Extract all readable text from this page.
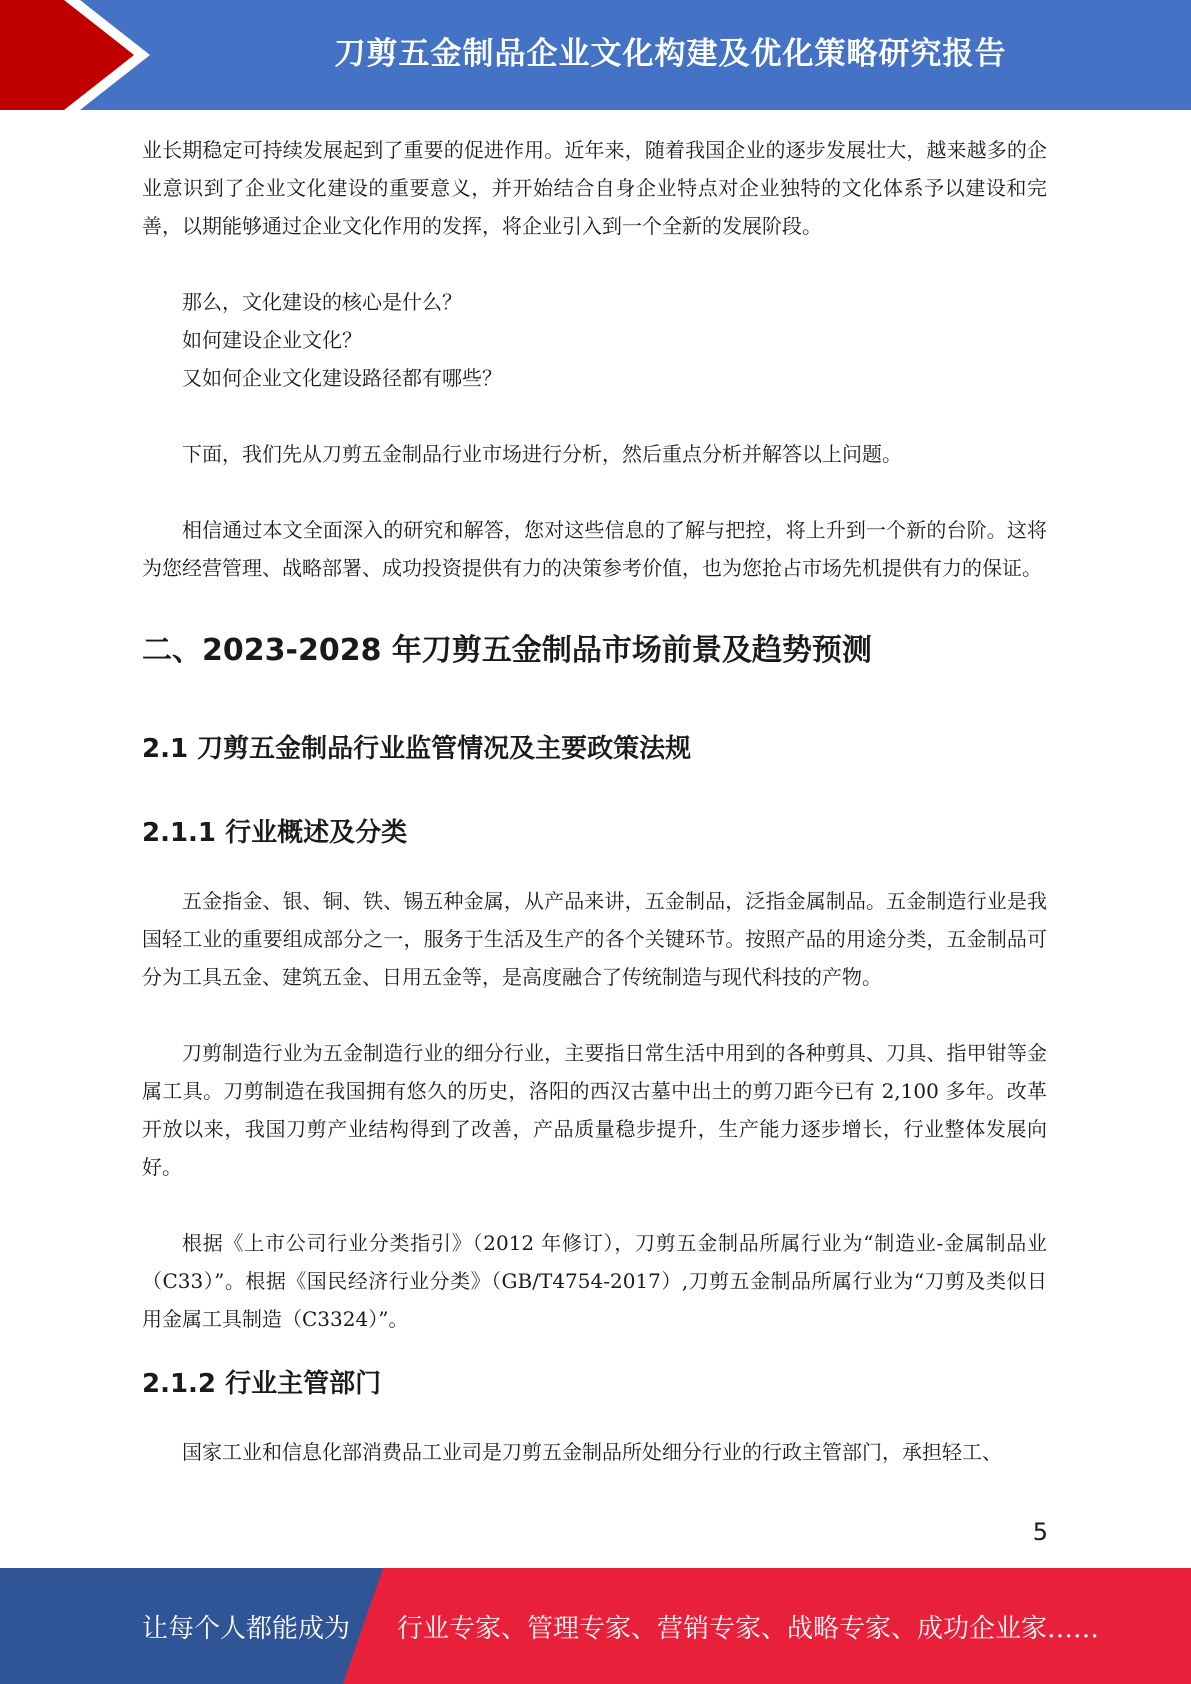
刀剪五金制品企业文化构建及优化策略研究报告

业长期稳定可持续发展起到了重要的促进作用。近年来，随着我国企业的逐步发展壮大，越来越多的企业意识到了企业文化建设的重要意义，并开始结合自身企业特点对企业独特的文化体系予以建设和完善，以期能够通过企业文化作用的发挥，将企业引入到一个全新的发展阶段。

那么，文化建设的核心是什么？

如何建设企业文化？

又如何企业文化建设路径都有哪些？

下面，我们先从刀剪五金制品行业市场进行分析，然后重点分析并解答以上问题。

相信通过本文全面深入的研究和解答，您对这些信息的了解与把控，将上升到一个新的台阶。这将为您经营管理、战略部署、成功投资提供有力的决策参考价值，也为您抢占市场先机提供有力的保证。

二、2023-2028 年刀剪五金制品市场前景及趋势预测
2.1 刀剪五金制品行业监管情况及主要政策法规
2.1.1 行业概述及分类

五金指金、银、铜、铁、锡五种金属，从产品来讲，五金制品，泛指金属制品。五金制造行业是我国轻工业的重要组成部分之一，服务于生活及生产的各个关键环节。按照产品的用途分类，五金制品可分为工具五金、建筑五金、日用五金等，是高度融合了传统制造与现代科技的产物。

刀剪制造行业为五金制造行业的细分行业，主要指日常生活中用到的各种剪具、刀具、指甲钳等金属工具。刀剪制造在我国拥有悠久的历史，洛阳的西汉古墓中出土的剪刀距今已有 2,100 多年。改革开放以来，我国刀剪产业结构得到了改善，产品质量稳步提升，生产能力逐步增长，行业整体发展向好。

根据《上市公司行业分类指引》（2012 年修订），刀剪五金制品所属行业为“制造业-金属制品业（C33）”。根据《国民经济行业分类》（GB/T4754-2017）,刀剪五金制品所属行业为“刀剪及类似日用金属工具制造（C3324）”。

2.1.2 行业主管部门

国家工业和信息化部消费品工业司是刀剪五金制品所处细分行业的行政主管部门，承担轻工、

5
让每个人都能成为 行业专家、管理专家、营销专家、战略专家、成功企业家……
